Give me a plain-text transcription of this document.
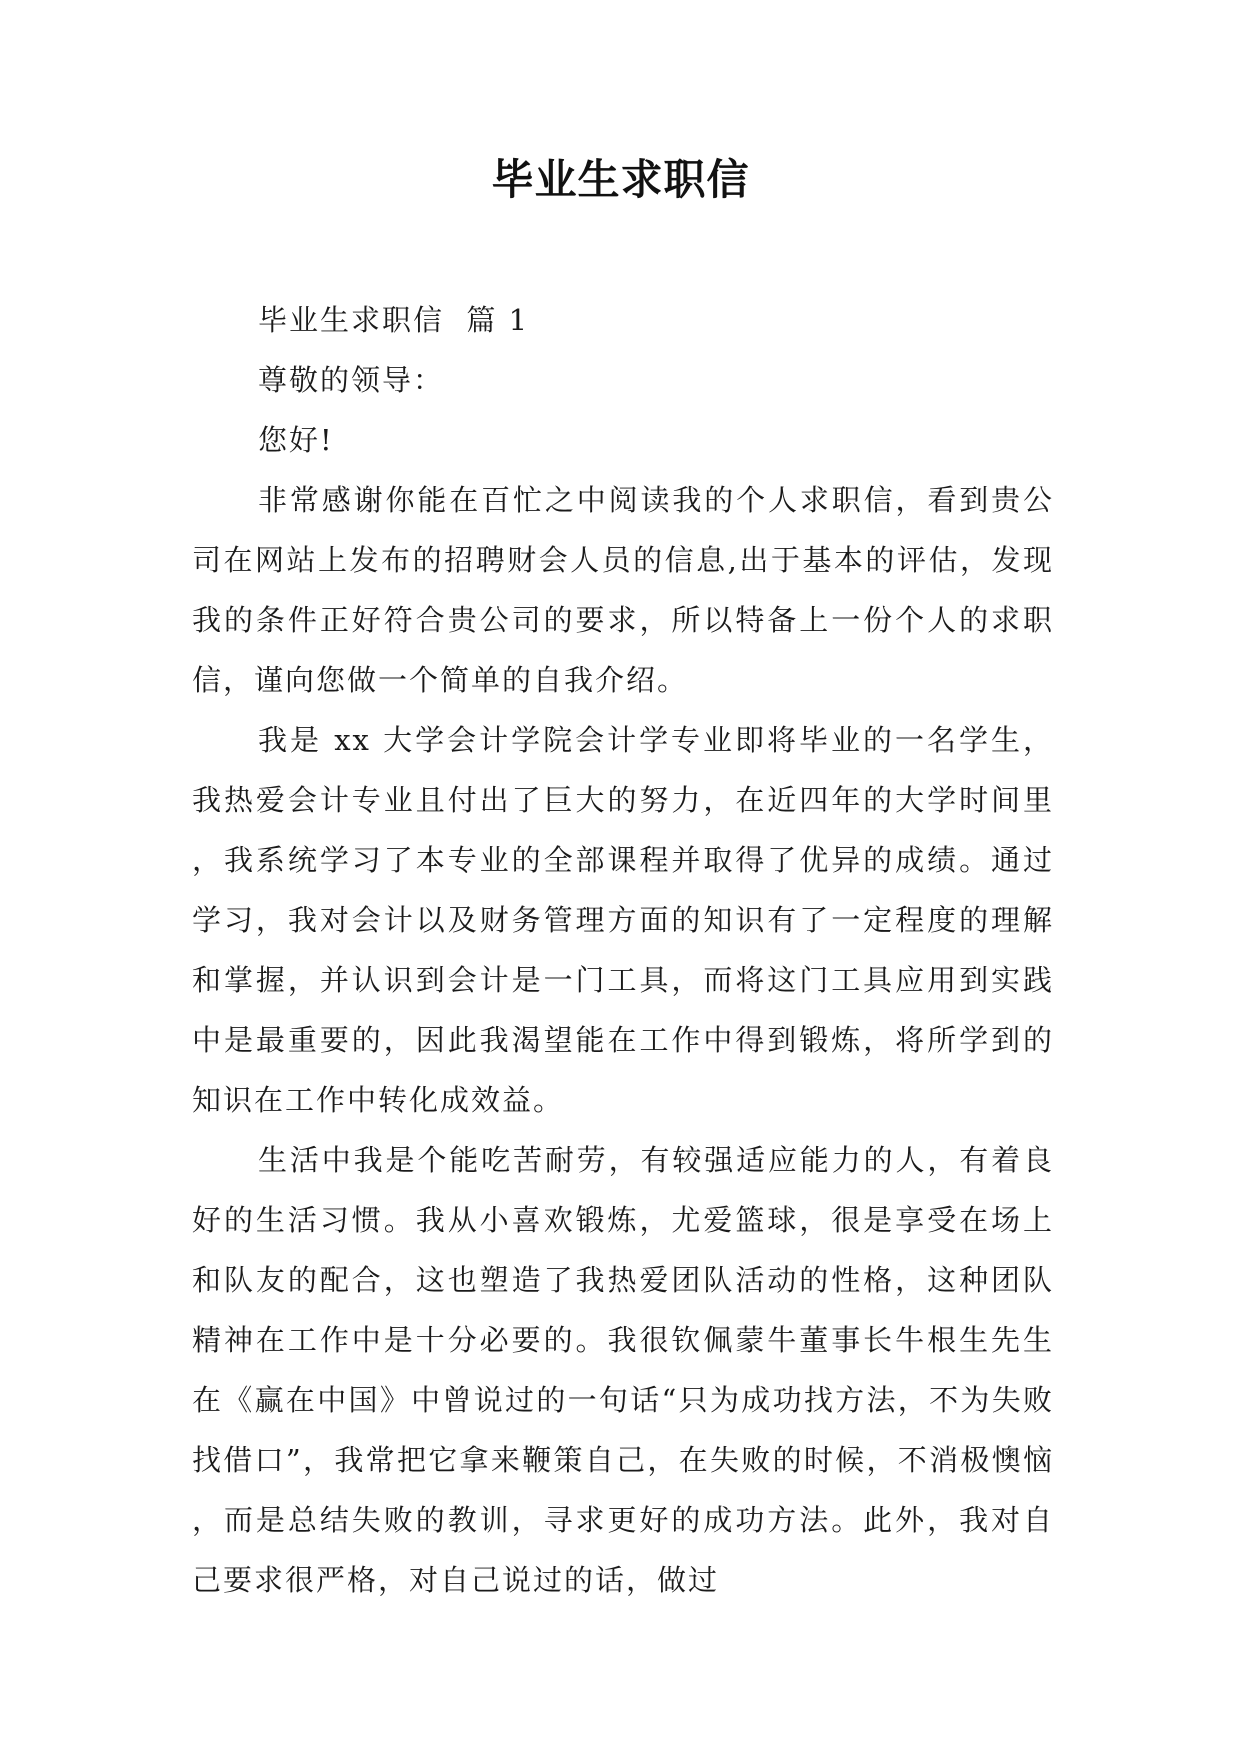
毕业生求职信

毕业生求职信  篇 1

尊敬的领导：

您好!

非常感谢你能在百忙之中阅读我的个人求职信，看到贵公司在网站上发布的招聘财会人员的信息,出于基本的评估，发现我的条件正好符合贵公司的要求，所以特备上一份个人的求职信，谨向您做一个简单的自我介绍。

我是 xx 大学会计学院会计学专业即将毕业的一名学生，我热爱会计专业且付出了巨大的努力，在近四年的大学时间里，我系统学习了本专业的全部课程并取得了优异的成绩。通过学习，我对会计以及财务管理方面的知识有了一定程度的理解和掌握，并认识到会计是一门工具，而将这门工具应用到实践中是最重要的，因此我渴望能在工作中得到锻炼，将所学到的知识在工作中转化成效益。

生活中我是个能吃苦耐劳，有较强适应能力的人，有着良好的生活习惯。我从小喜欢锻炼，尤爱篮球，很是享受在场上和队友的配合，这也塑造了我热爱团队活动的性格，这种团队精神在工作中是十分必要的。我很钦佩蒙牛董事长牛根生先生在《赢在中国》中曾说过的一句话“只为成功找方法，不为失败找借口”，我常把它拿来鞭策自己，在失败的时候，不消极懊恼，而是总结失败的教训，寻求更好的成功方法。此外，我对自己要求很严格，对自己说过的话，做过
